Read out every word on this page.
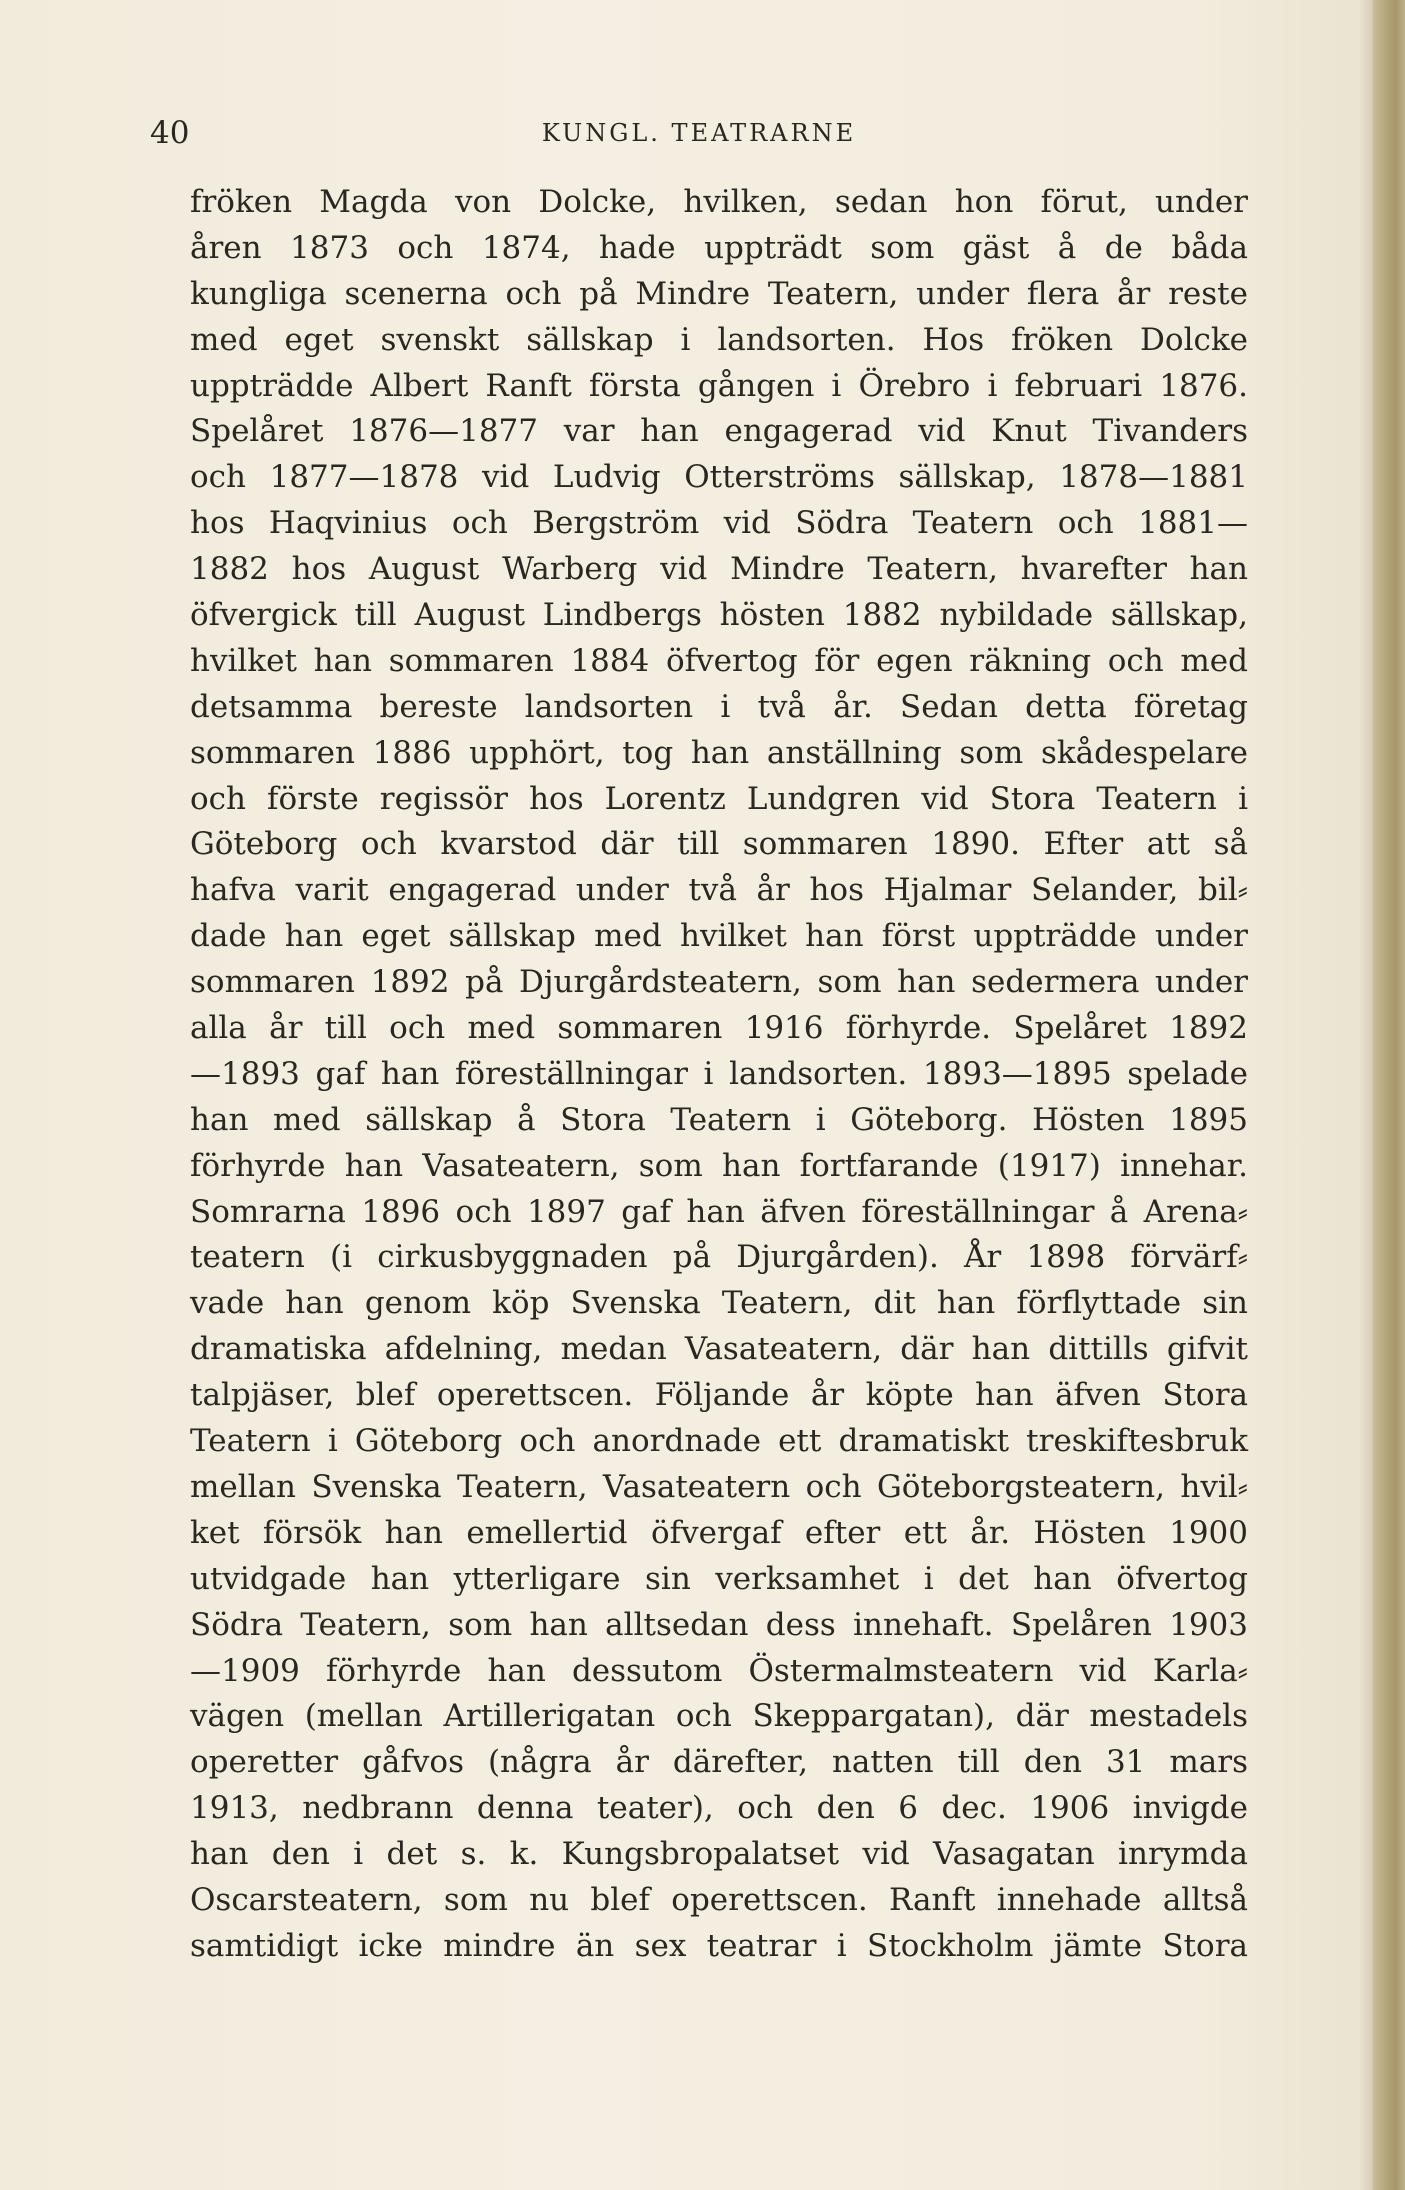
40	KUNGL. TEATRARNE
fröken Magda von Dolcke, hvilken, sedan hon förut, under
åren 1873 och 1874, hade uppträdt som gäst å de båda
kungliga scenerna och på Mindre Teatern, under flera år reste
med eget svenskt sällskap i landsorten. Hos fröken Dolcke
uppträdde Albert Ranft första gången i Örebro i februari 1876.
Spelåret 1876—1877 var han engagerad vid Knut Tivanders
och 1877—1878 vid Ludvig Otterströms sällskap, 1878—1881
hos Haqvinius och Bergström vid Södra Teatern och 1881—
1882 hos August Warberg vid Mindre Teatern, hvarefter han
öfvergick till August Lindbergs hösten 1882 nybildade sällskap,
hvilket han sommaren 1884 öfvertog för egen räkning och med
detsamma bereste landsorten i två år. Sedan detta företag
sommaren 1886 upphört, tog han anställning som skådespelare
och förste regissör hos Lorentz Lundgren vid Stora Teatern i
Göteborg och kvarstod där till sommaren 1890. Efter att så
hafva varit engagerad under två år hos Hjalmar Selander, bil⸗
dade han eget sällskap med hvilket han först uppträdde under
sommaren 1892 på Djurgårdsteatern, som han sedermera under
alla år till och med sommaren 1916 förhyrde. Spelåret 1892
—1893 gaf han föreställningar i landsorten. 1893—1895 spelade
han med sällskap å Stora Teatern i Göteborg. Hösten 1895
förhyrde han Vasateatern, som han fortfarande (1917) innehar.
Somrarna 1896 och 1897 gaf han äfven föreställningar å Arena⸗
teatern (i cirkusbyggnaden på Djurgården). År 1898 förvärf⸗
vade han genom köp Svenska Teatern, dit han förflyttade sin
dramatiska afdelning, medan Vasateatern, där han dittills gifvit
talpjäser, blef operettscen. Följande år köpte han äfven Stora
Teatern i Göteborg och anordnade ett dramatiskt treskiftesbruk
mellan Svenska Teatern, Vasateatern och Göteborgsteatern, hvil⸗
ket försök han emellertid öfvergaf efter ett år. Hösten 1900
utvidgade han ytterligare sin verksamhet i det han öfvertog
Södra Teatern, som han alltsedan dess innehaft. Spelåren 1903
—1909 förhyrde han dessutom Östermalmsteatern vid Karla⸗
vägen (mellan Artillerigatan och Skeppargatan), där mestadels
operetter gåfvos (några år därefter, natten till den 31 mars
1913, nedbrann denna teater), och den 6 dec. 1906 invigde
han den i det s. k. Kungsbropalatset vid Vasagatan inrymda
Oscarsteatern, som nu blef operettscen. Ranft innehade alltså
samtidigt icke mindre än sex teatrar i Stockholm jämte Stora
